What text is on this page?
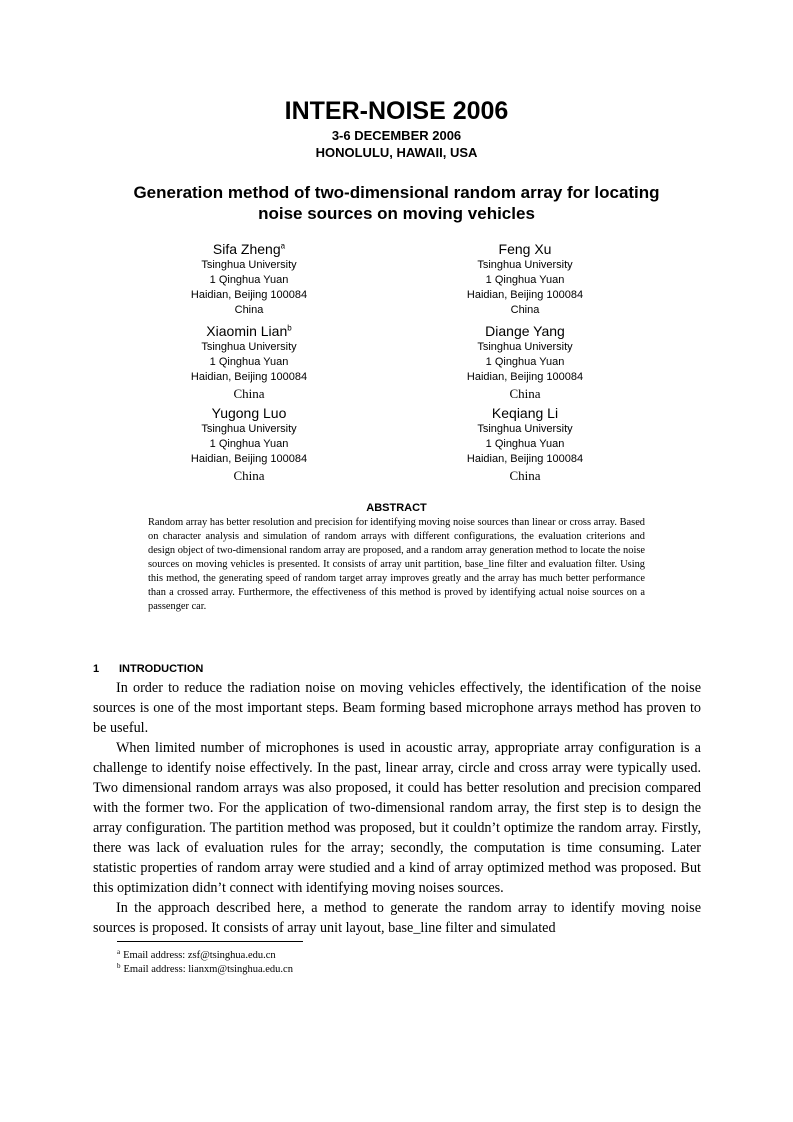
INTER-NOISE 2006
3-6 DECEMBER 2006
HONOLULU, HAWAII, USA
Generation method of two-dimensional random array for locating noise sources on moving vehicles
Sifa Zheng$^a$
Tsinghua University
1 Qinghua Yuan
Haidian, Beijing 100084
China
Feng Xu
Tsinghua University
1 Qinghua Yuan
Haidian, Beijing 100084
China
Xiaomin Lian$^b$
Tsinghua University
1 Qinghua Yuan
Haidian, Beijing 100084
China
Diange Yang
Tsinghua University
1 Qinghua Yuan
Haidian, Beijing 100084
China
Yugong Luo
Tsinghua University
1 Qinghua Yuan
Haidian, Beijing 100084
China
Keqiang Li
Tsinghua University
1 Qinghua Yuan
Haidian, Beijing 100084
China
ABSTRACT
Random array has better resolution and precision for identifying moving noise sources than linear or cross array. Based on character analysis and simulation of random arrays with different configurations, the evaluation criterions and design object of two-dimensional random array are proposed, and a random array generation method to locate the noise sources on moving vehicles is presented. It consists of array unit partition, base_line filter and evaluation filter. Using this method, the generating speed of random target array improves greatly and the array has much better performance than a crossed array. Furthermore, the effectiveness of this method is proved by identifying actual noise sources on a passenger car.
1 INTRODUCTION

In order to reduce the radiation noise on moving vehicles effectively, the identification of the noise sources is one of the most important steps. Beam forming based microphone arrays method has proven to be useful.

When limited number of microphones is used in acoustic array, appropriate array configuration is a challenge to identify noise effectively. In the past, linear array, circle and cross array were typically used. Two dimensional random arrays was also proposed, it could has better resolution and precision compared with the former two. For the application of two-dimensional random array, the first step is to design the array configuration. The partition method was proposed, but it couldn’t optimize the random array. Firstly, there was lack of evaluation rules for the array; secondly, the computation is time consuming. Later statistic properties of random array were studied and a kind of array optimized method was proposed. But this optimization didn’t connect with identifying moving noises sources.

In the approach described here, a method to generate the random array to identify moving noise sources is proposed. It consists of array unit layout, base_line filter and simulated

$^a$ Email address: zsf@tsinghua.edu.cn
$^b$ Email address: lianxm@tsinghua.edu.cn
